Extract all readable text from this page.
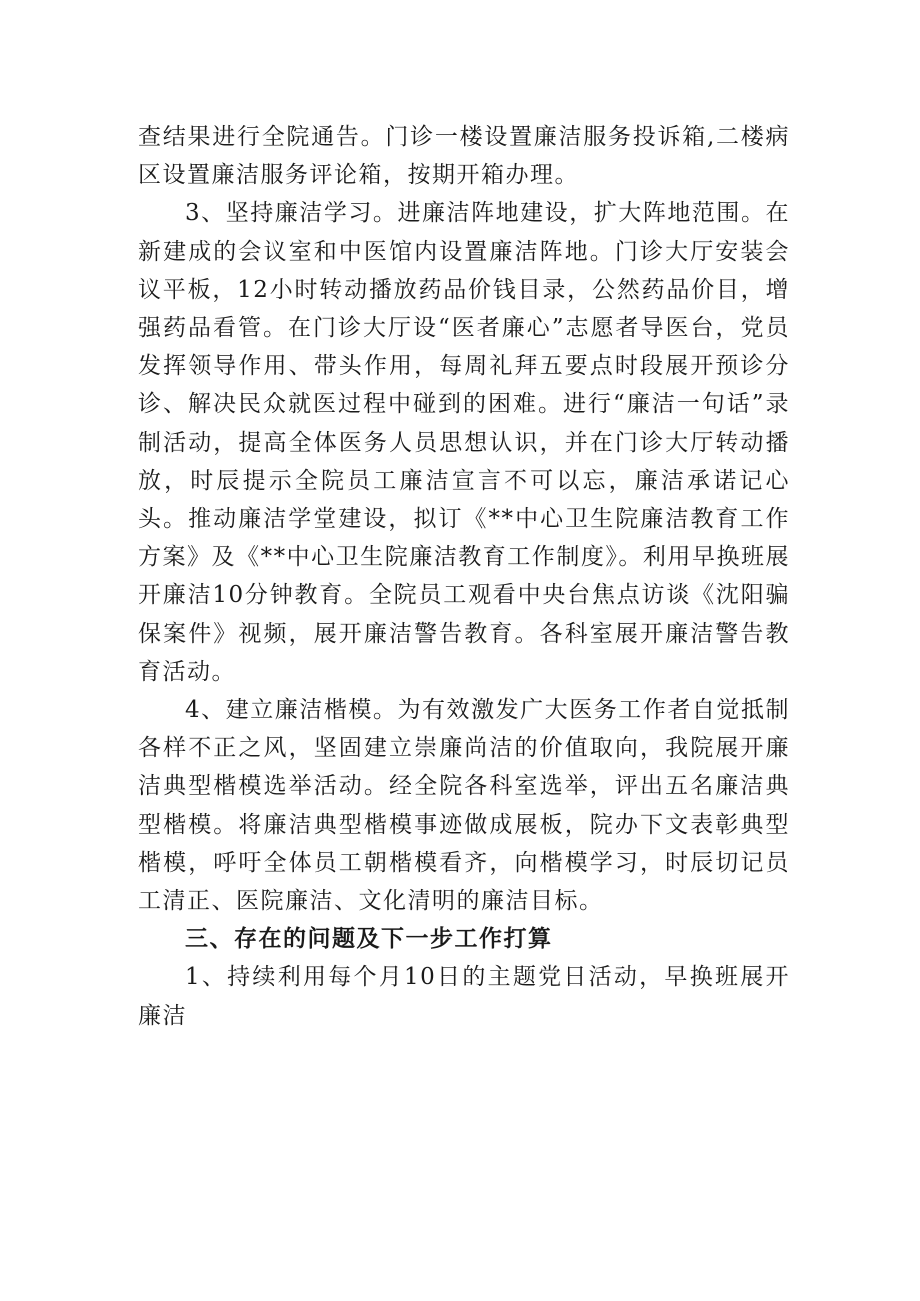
查结果进行全院通告。门诊一楼设置廉洁服务投诉箱,二楼病区设置廉洁服务评论箱，按期开箱办理。

3、坚持廉洁学习。进廉洁阵地建设，扩大阵地范围。在新建成的会议室和中医馆内设置廉洁阵地。门诊大厅安装会议平板，12小时转动播放药品价钱目录，公然药品价目，增强药品看管。在门诊大厅设“医者廉心”志愿者导医台，党员发挥领导作用、带头作用，每周礼拜五要点时段展开预诊分诊、解决民众就医过程中碰到的困难。进行“廉洁一句话”录制活动，提高全体医务人员思想认识，并在门诊大厅转动播放，时辰提示全院员工廉洁宣言不可以忘，廉洁承诺记心头。推动廉洁学堂建设，拟订《**中心卫生院廉洁教育工作方案》及《**中心卫生院廉洁教育工作制度》。利用早换班展开廉洁10分钟教育。全院员工观看中央台焦点访谈《沈阳骗保案件》视频，展开廉洁警告教育。各科室展开廉洁警告教育活动。

4、建立廉洁楷模。为有效激发广大医务工作者自觉抵制各样不正之风，坚固建立崇廉尚洁的价值取向，我院展开廉洁典型楷模选举活动。经全院各科室选举，评出五名廉洁典型楷模。将廉洁典型楷模事迹做成展板，院办下文表彰典型楷模，呼吁全体员工朝楷模看齐，向楷模学习，时辰切记员工清正、医院廉洁、文化清明的廉洁目标。

三、存在的问题及下一步工作打算

1、持续利用每个月10日的主题党日活动，早换班展开廉洁
